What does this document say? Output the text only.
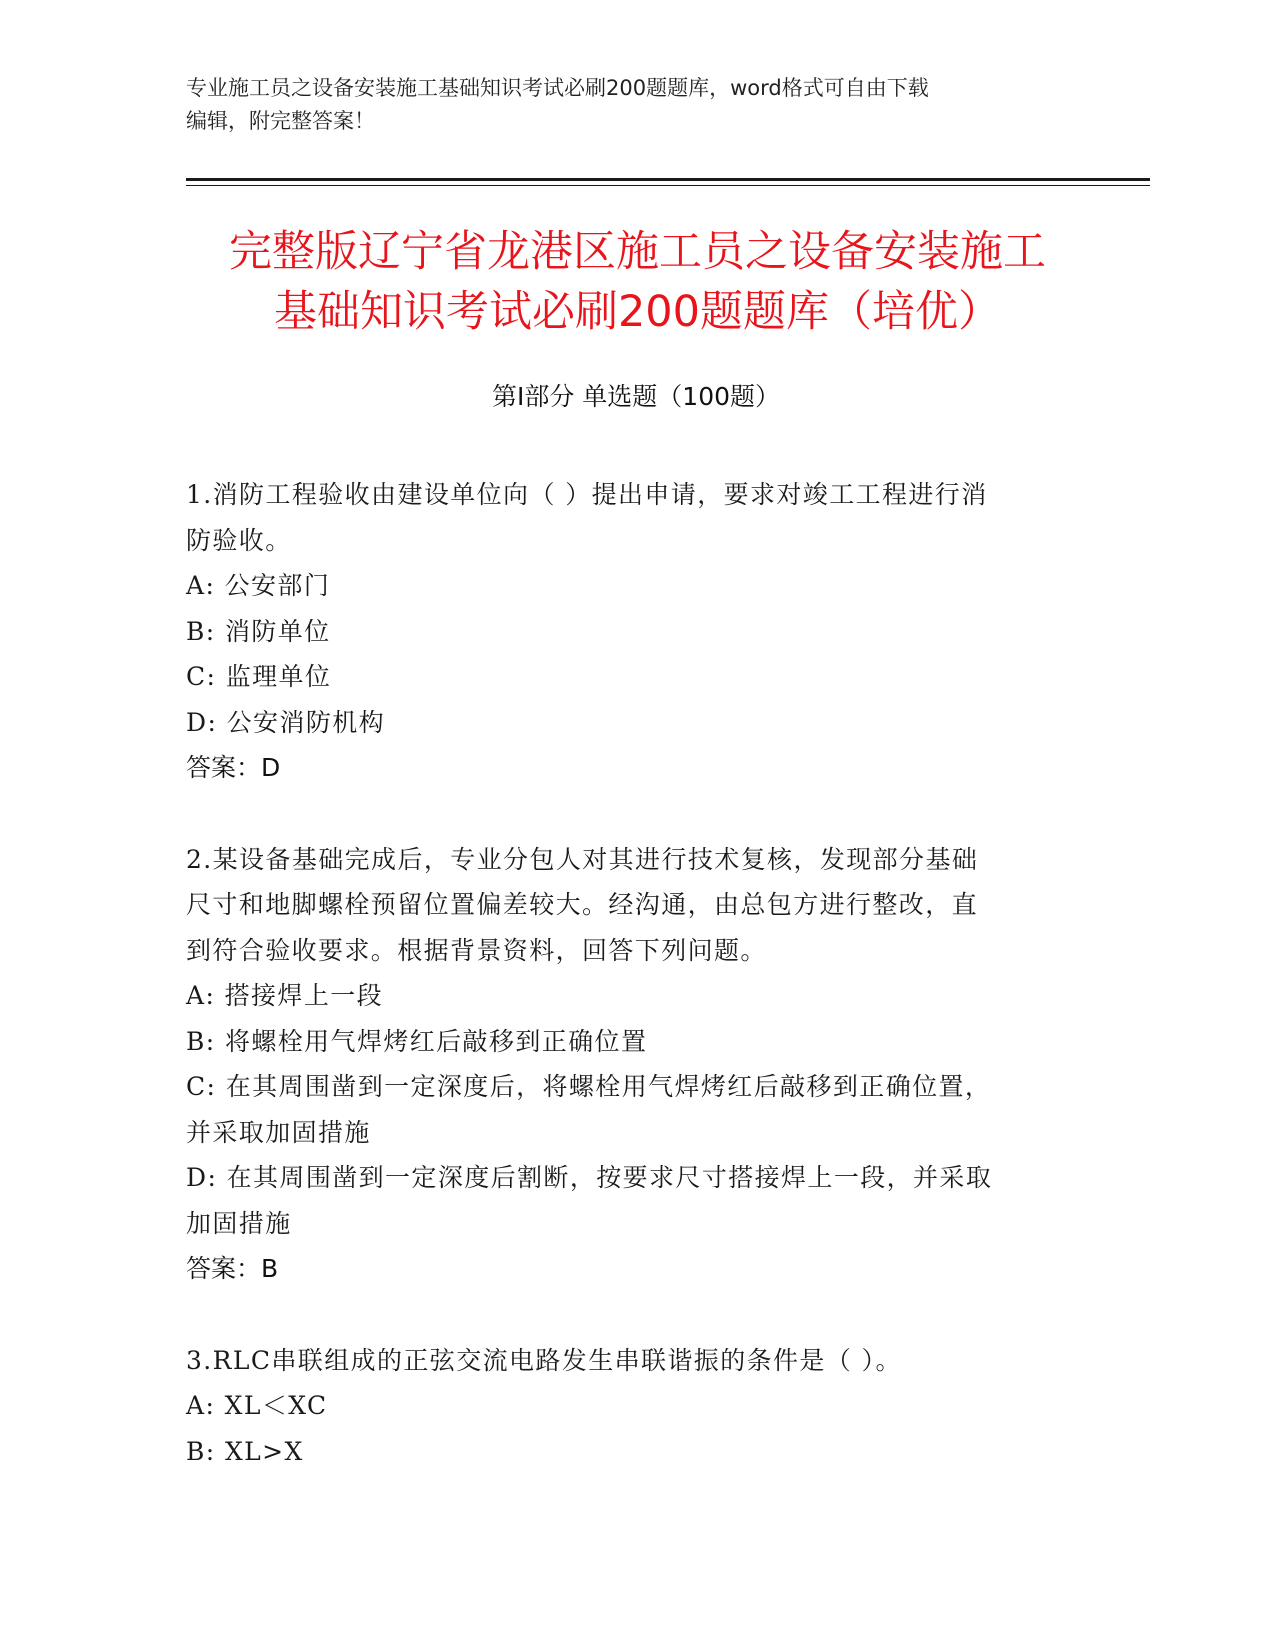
专业施工员之设备安装施工基础知识考试必刷200题题库，word格式可自由下载
编辑，附完整答案！
完整版辽宁省龙港区施工员之设备安装施工
基础知识考试必刷200题题库（培优）
第Ⅰ部分 单选题（100题）

1.消防工程验收由建设单位向（ ）提出申请，要求对竣工工程进行消

防验收。

A: 公安部门

B: 消防单位

C: 监理单位

D: 公安消防机构

答案：D

2.某设备基础完成后，专业分包人对其进行技术复核，发现部分基础

尺寸和地脚螺栓预留位置偏差较大。经沟通，由总包方进行整改，直

到符合验收要求。根据背景资料，回答下列问题。

A: 搭接焊上一段

B: 将螺栓用气焊烤红后敲移到正确位置

C: 在其周围凿到一定深度后，将螺栓用气焊烤红后敲移到正确位置，

并采取加固措施

D: 在其周围凿到一定深度后割断，按要求尺寸搭接焊上一段，并采取

加固措施

答案：B

3.RLC串联组成的正弦交流电路发生串联谐振的条件是（ ）。

A: XL＜XC

B: XL>X
